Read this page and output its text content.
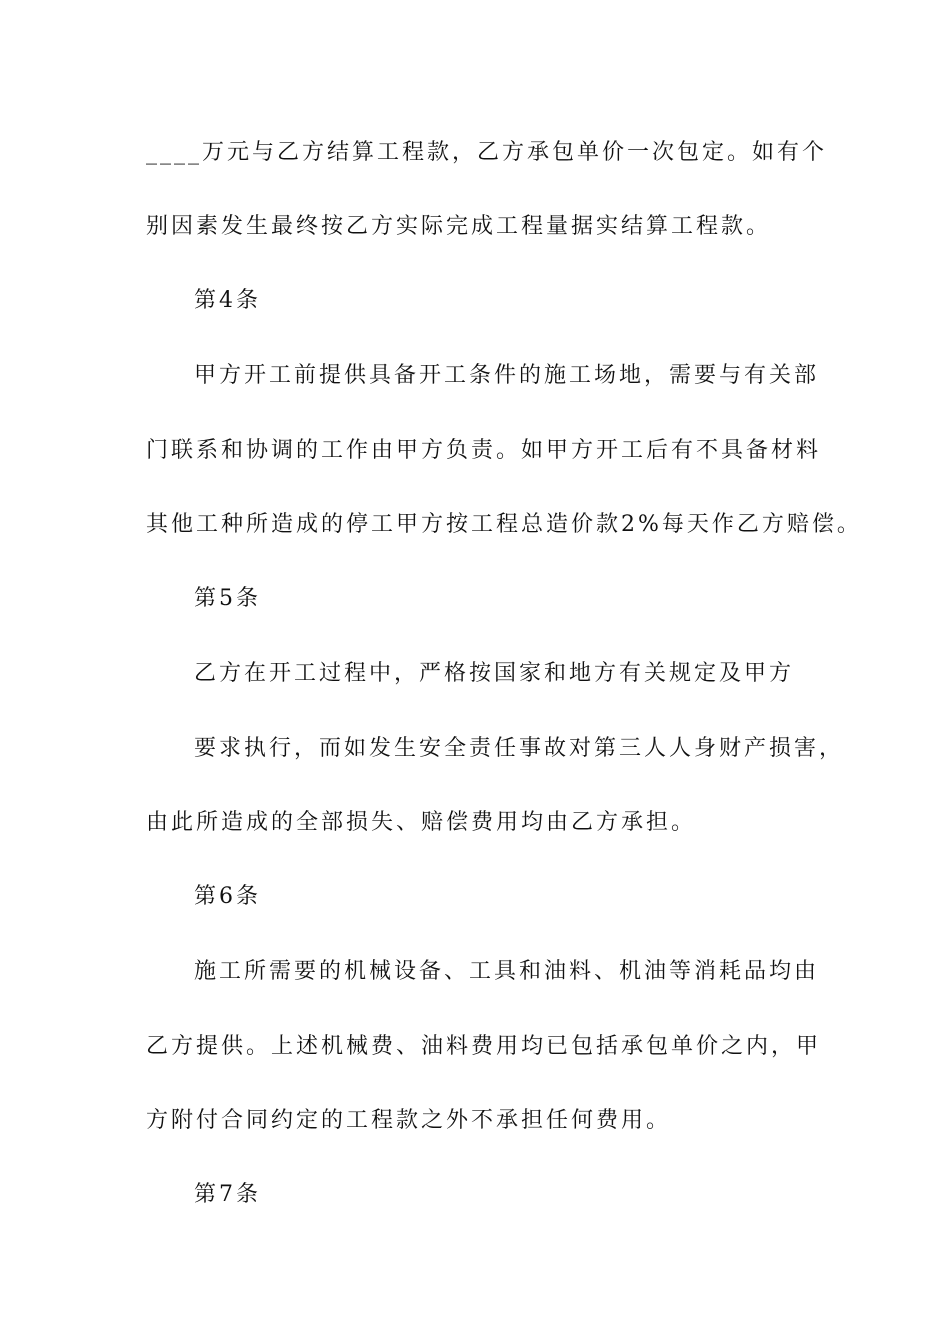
____万元与乙方结算工程款，乙方承包单价一次包定。如有个
别因素发生最终按乙方实际完成工程量据实结算工程款。
第4条
甲方开工前提供具备开工条件的施工场地，需要与有关部
门联系和协调的工作由甲方负责。如甲方开工后有不具备材料
其他工种所造成的停工甲方按工程总造价款2%每天作乙方赔偿。
第5条
乙方在开工过程中，严格按国家和地方有关规定及甲方
要求执行，而如发生安全责任事故对第三人人身财产损害，
由此所造成的全部损失、赔偿费用均由乙方承担。
第6条
施工所需要的机械设备、工具和油料、机油等消耗品均由
乙方提供。上述机械费、油料费用均已包括承包单价之内，甲
方附付合同约定的工程款之外不承担任何费用。
第7条
